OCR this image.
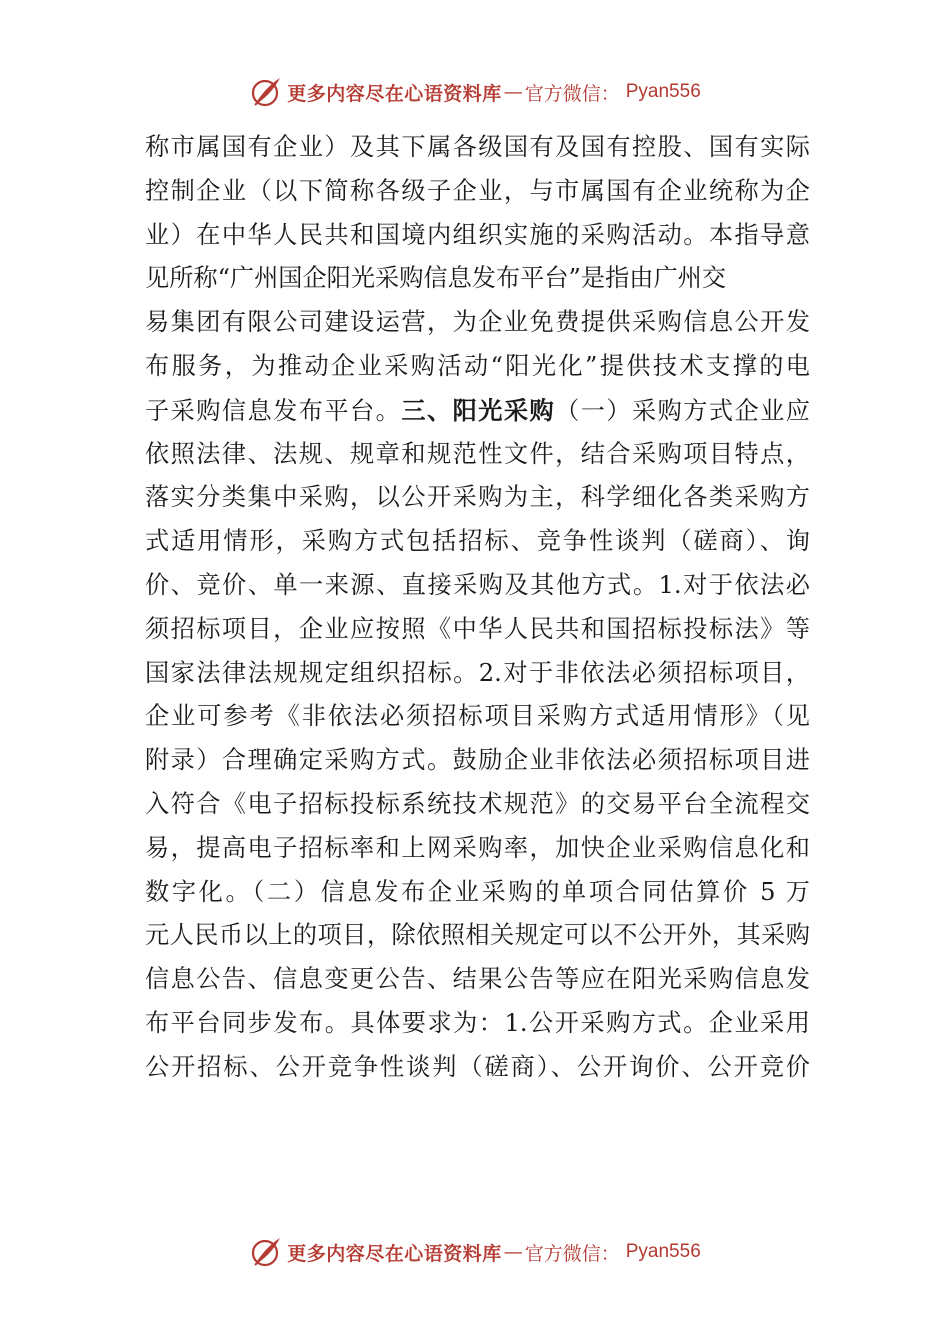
更多内容尽在心语资料库 — 官方微信： Pyan556
称市属国有企业）及其下属各级国有及国有控股、国有实际
控制企业（以下简称各级子企业，与市属国有企业统称为企
业）在中华人民共和国境内组织实施的采购活动。本指导意
见所称“广州国企阳光采购信息发布平台”是指由广州交
易集团有限公司建设运营，为企业免费提供采购信息公开发
布服务，为推动企业采购活动“阳光化”提供技术支撑的电
子采购信息发布平台。三、阳光采购（一）采购方式企业应
依照法律、法规、规章和规范性文件，结合采购项目特点，
落实分类集中采购，以公开采购为主，科学细化各类采购方
式适用情形，采购方式包括招标、竞争性谈判（磋商）、询
价、竞价、单一来源、直接采购及其他方式。1.对于依法必
须招标项目，企业应按照《中华人民共和国招标投标法》等
国家法律法规规定组织招标。2.对于非依法必须招标项目，
企业可参考《非依法必须招标项目采购方式适用情形》（见
附录）合理确定采购方式。鼓励企业非依法必须招标项目进
入符合《电子招标投标系统技术规范》的交易平台全流程交
易，提高电子招标率和上网采购率，加快企业采购信息化和
数字化。（二）信息发布企业采购的单项合同估算价 5 万
元人民币以上的项目，除依照相关规定可以不公开外，其采购
信息公告、信息变更公告、结果公告等应在阳光采购信息发
布平台同步发布。具体要求为：1.公开采购方式。企业采用
公开招标、公开竞争性谈判（磋商）、公开询价、公开竞价
更多内容尽在心语资料库 — 官方微信： Pyan556
